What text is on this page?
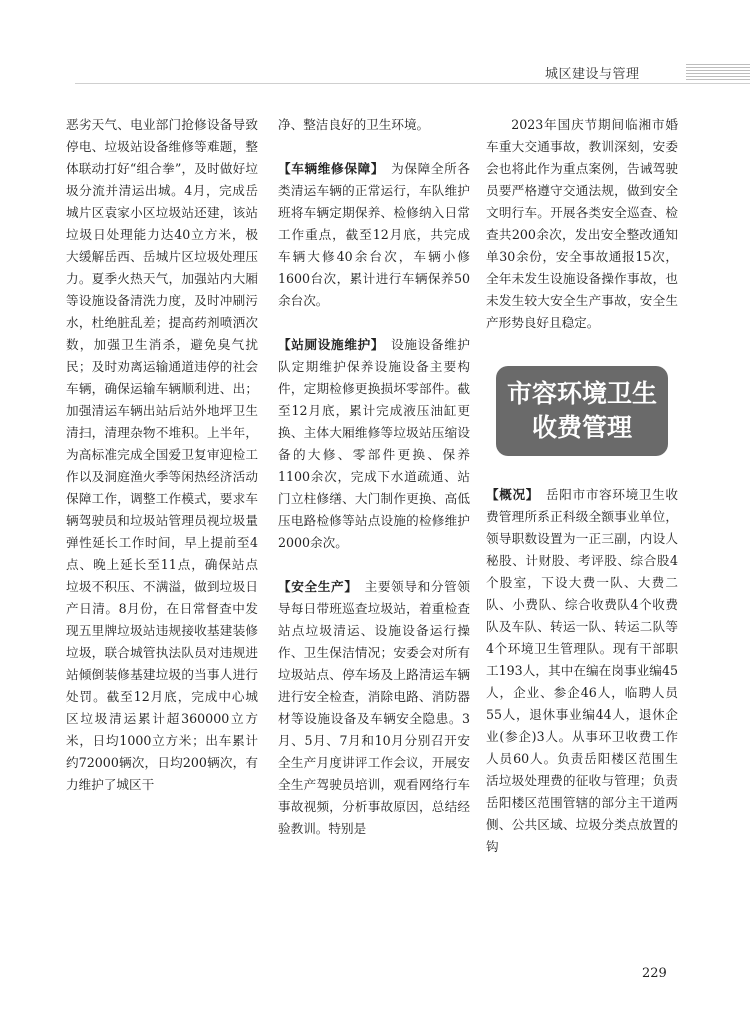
城区建设与管理

恶劣天气、电业部门抢修设备导致停电、垃圾站设备维修等难题，整体联动打好“组合拳”，及时做好垃圾分流并清运出城。4月，完成岳城片区袁家小区垃圾站还建，该站垃圾日处理能力达40立方米，极大缓解岳西、岳城片区垃圾处理压力。夏季火热天气，加强站内大厢等设施设备清洗力度，及时冲刷污水，杜绝脏乱差；提高药剂喷洒次数，加强卫生消杀，避免臭气扰民；及时劝离运输通道违停的社会车辆，确保运输车辆顺利进、出；加强清运车辆出站后站外地坪卫生清扫，清理杂物不堆积。上半年，为高标准完成全国爱卫复审迎检工作以及洞庭渔火季等闲热经济活动保障工作，调整工作模式，要求车辆驾驶员和垃圾站管理员视垃圾量弹性延长工作时间，早上提前至4点、晚上延长至11点，确保站点垃圾不积压、不满溢，做到垃圾日产日清。8月份，在日常督查中发现五里牌垃圾站违规接收基建装修垃圾，联合城管执法队员对违规进站倾倒装修基建垃圾的当事人进行处罚。截至12月底，完成中心城区垃圾清运累计超360000立方米，日均1000立方米；出车累计约72000辆次，日均200辆次，有力维护了城区干

净、整洁良好的卫生环境。

【车辆维修保障】　 为保障全所各类清运车辆的正常运行，车队维护班将车辆定期保养、检修纳入日常工作重点，截至12月底，共完成车辆大修40余台次，车辆小修1600台次，累计进行车辆保养50余台次。

【站厕设施维护】　 设施设备维护队定期维护保养设施设备主要构件，定期检修更换损坏零部件。截至12月底，累计完成液压油缸更换、主体大厢维修等垃圾站压缩设备的大修、零部件更换、保养1100余次，完成下水道疏通、站门立柱修缮、大门制作更换、高低压电路检修等站点设施的检修维护2000余次。

【安全生产】　 主要领导和分管领导每日带班巡查垃圾站，着重检查站点垃圾清运、设施设备运行操作、卫生保洁情况；安委会对所有垃圾站点、停车场及上路清运车辆进行安全检查，消除电路、消防器材等设施设备及车辆安全隐患。3月、5月、7月和10月分别召开安全生产月度讲评工作会议，开展安全生产驾驶员培训，观看网络行车事故视频，分析事故原因，总结经验教训。特别是

2023年国庆节期间临湘市婚车重大交通事故，教训深刻，安委会也将此作为重点案例，告诫驾驶员要严格遵守交通法规，做到安全文明行车。开展各类安全巡查、检查共200余次，发出安全整改通知单30余份，安全事故通报15次，全年未发生设施设备操作事故，也未发生较大安全生产事故，安全生产形势良好且稳定。

市容环境卫生
收费管理

【概况】　 岳阳市市容环境卫生收费管理所系正科级全额事业单位，领导职数设置为一正三副，内设人秘股、计财股、考评股、综合股4个股室，下设大费一队、大费二队、小费队、综合收费队4个收费队及车队、转运一队、转运二队等4个环境卫生管理队。现有干部职工193人，其中在编在岗事业编45人，企业、参企46人，临聘人员55人，退休事业编44人，退休企业(参企)3人。从事环卫收费工作人员60人。负责岳阳楼区范围生活垃圾处理费的征收与管理；负责岳阳楼区范围管辖的部分主干道两侧、公共区域、垃圾分类点放置的钩

229
